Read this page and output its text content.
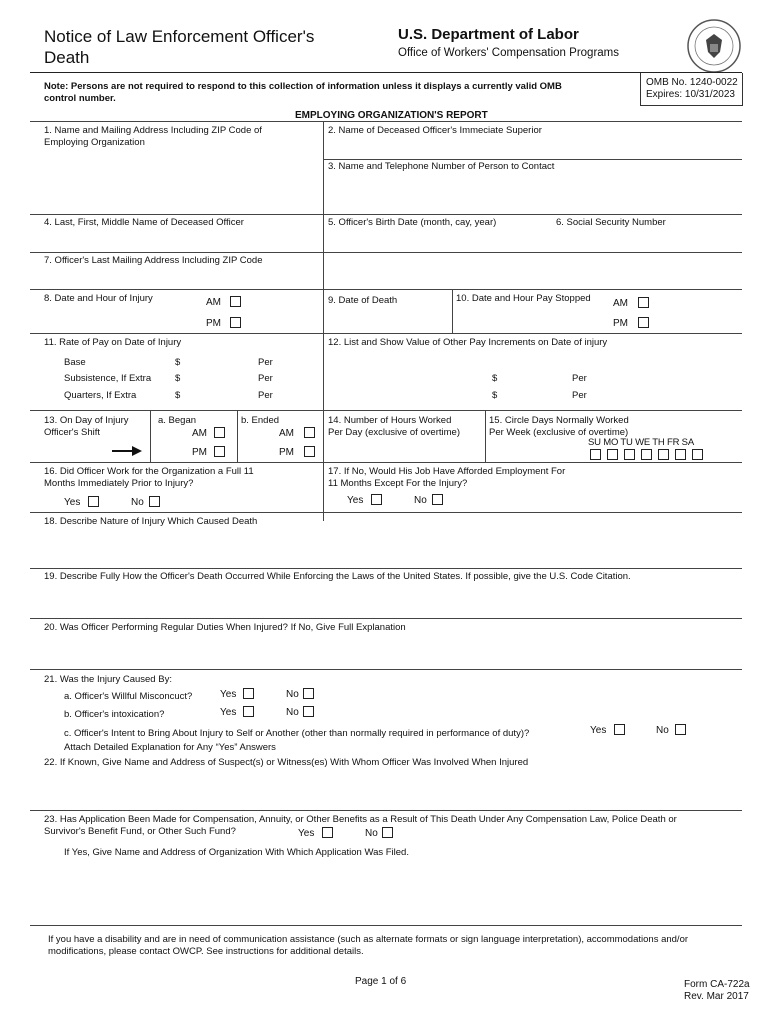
Notice of Law Enforcement Officer's
Death
U.S. Department of Labor
Office of Workers' Compensation Programs
Note: Persons are not required to respond to this collection of information unless it displays a currently valid OMB
control number.
OMB No. 1240-0022
Expires: 10/31/2023
EMPLOYING ORGANIZATION'S REPORT
1. Name and Mailing Address Including ZIP Code of
Employing Organization
2. Name of Deceased Officer's Immeciate Superior
3. Name and Telephone Number of Person to Contact
4. Last, First, Middle Name of Deceased Officer	5. Officer's Birth Date (month, cay, year)	6. Social Security Number
7. Officer's Last Mailing Address Including ZIP Code
8. Date and Hour of Injury	AM
PM
9. Date of Death	10. Date and Hour Pay Stopped AM
PM
11. Rate of Pay on Date of Injury	12. List and Show Value of Other Pay Increments on Date of injury
Base	$	Per
Subsistence, If Extra	$	Per
Quarters, If Extra	$	Per
$	Per
$	Per
13. On Day of Injury
Officer's Shift
a. Began	b. Ended
AM
PM
AM
PM
14. Number of Hours Worked
Per Day (exclusive of overtime)
15. Circle Days Normally Worked
Per Week (exclusive of overtime)
SU MO TU WE TH FR SA
16. Did Officer Work for the Organization a Full 11
Months Immediately Prior to Injury?
Yes	No
17. If No, Would His Job Have Afforded Employment For
11 Months Except For the Injury?
Yes	No
18. Describe Nature of Injury Which Caused Death
19. Describe Fully How the Officer's Death Occurred While Enforcing the Laws of the United States. If possible, give the U.S. Code Citation.
20. Was Officer Performing Regular Duties When Injured? If No, Give Full Explanation
21. Was the Injury Caused By:
a. Officer's Willful Misconcuct?	Yes	No
b. Officer's intoxication?	Yes	No
c. Officer's Intent to Bring About Injury to Self or Another (other than normally required in performance of duty)?	Yes	No
Attach Detailed Explanation for Any “Yes” Answers
22. If Known, Give Name and Address of Suspect(s) or Witness(es) With Whom Officer Was Involved When Injured
23. Has Application Been Made for Compensation, Annuity, or Other Benefits as a Result of This Death Under Any Compensation Law, Police Death or
Survivor's Benefit Fund, or Other Such Fund?	Yes	No
If Yes, Give Name and Address of Organization With Which Application Was Filed.
If you have a disability and are in need of communication assistance (such as alternate formats or sign language interpretation), accommodations and/or
modifications, please contact OWCP. See instructions for additional details.
Page 1 of 6	Form CA-722a
Rev. Mar 2017
